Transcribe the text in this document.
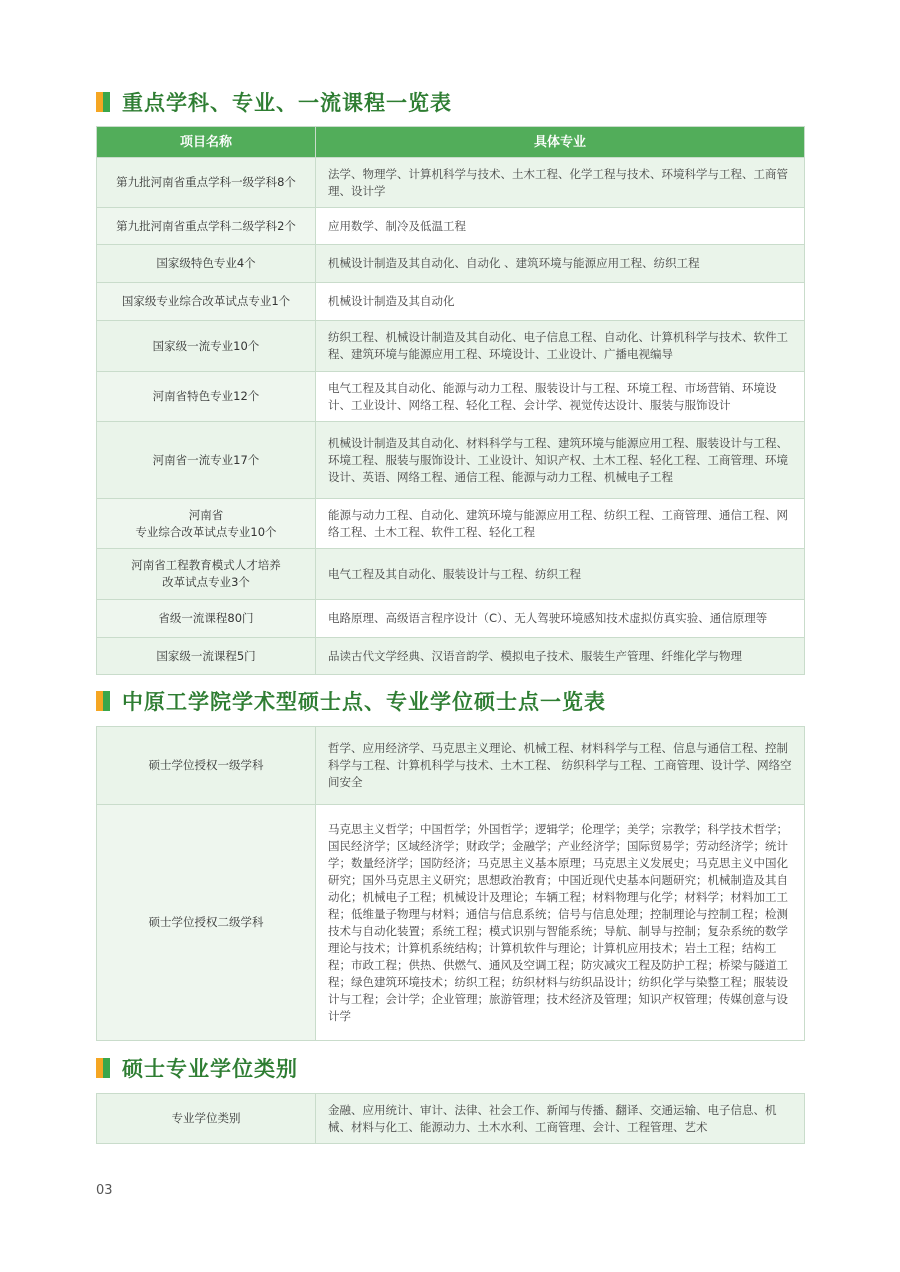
重点学科、专业、一流课程一览表
项目名称	具体专业
第九批河南省重点学科一级学科8个	法学、物理学、计算机科学与技术、土木工程、化学工程与技术、环境科学与工程、工商管理、设计学
第九批河南省重点学科二级学科2个	应用数学、制冷及低温工程
国家级特色专业4个	机械设计制造及其自动化、自动化 、建筑环境与能源应用工程、纺织工程
国家级专业综合改革试点专业1个	机械设计制造及其自动化
国家级一流专业10个	纺织工程、机械设计制造及其自动化、电子信息工程、自动化、计算机科学与技术、软件工程、建筑环境与能源应用工程、环境设计、工业设计、广播电视编导
河南省特色专业12个	电气工程及其自动化、能源与动力工程、服装设计与工程、环境工程、市场营销、环境设计、工业设计、网络工程、轻化工程、会计学、视觉传达设计、服装与服饰设计
河南省一流专业17个	机械设计制造及其自动化、材料科学与工程、建筑环境与能源应用工程、服装设计与工程、环境工程、服装与服饰设计、工业设计、知识产权、土木工程、轻化工程、工商管理、环境设计、英语、网络工程、通信工程、能源与动力工程、机械电子工程

河南省
专业综合改革试点专业10个	能源与动力工程、自动化、建筑环境与能源应用工程、纺织工程、工商管理、通信工程、网络工程、土木工程、软件工程、轻化工程

河南省工程教育模式人才培养
改革试点专业3个	电气工程及其自动化、服装设计与工程、纺织工程
省级一流课程80门	电路原理、高级语言程序设计（C）、无人驾驶环境感知技术虚拟仿真实验、通信原理等
国家级一流课程5门	品读古代文学经典、汉语音韵学、模拟电子技术、服装生产管理、纤维化学与物理
中原工学院学术型硕士点、专业学位硕士点一览表
硕士学位授权一级学科	哲学、应用经济学、马克思主义理论、机械工程、材料科学与工程、信息与通信工程、控制科学与工程、计算机科学与技术、土木工程、 纺织科学与工程、工商管理、设计学、网络空间安全
硕士学位授权二级学科	马克思主义哲学；中国哲学；外国哲学；逻辑学；伦理学；美学；宗教学；科学技术哲学；国民经济学；区域经济学；财政学；金融学；产业经济学；国际贸易学；劳动经济学；统计学；数量经济学；国防经济；马克思主义基本原理；马克思主义发展史；马克思主义中国化研究；国外马克思主义研究；思想政治教育；中国近现代史基本问题研究；机械制造及其自动化；机械电子工程；机械设计及理论；车辆工程；材料物理与化学；材料学；材料加工工程；低维量子物理与材料；通信与信息系统；信号与信息处理；控制理论与控制工程；检测技术与自动化装置；系统工程；模式识别与智能系统；导航、制导与控制；复杂系统的数学理论与技术；计算机系统结构；计算机软件与理论；计算机应用技术；岩土工程；结构工程；市政工程；供热、供燃气、通风及空调工程；防灾减灾工程及防护工程；桥梁与隧道工程；绿色建筑环境技术；纺织工程；纺织材料与纺织品设计；纺织化学与染整工程；服装设计与工程；会计学；企业管理；旅游管理；技术经济及管理；知识产权管理；传媒创意与设计学
硕士专业学位类别
专业学位类别	金融、应用统计、审计、法律、社会工作、新闻与传播、翻译、交通运输、电子信息、机械、材料与化工、能源动力、土木水利、工商管理、会计、工程管理、艺术
03
